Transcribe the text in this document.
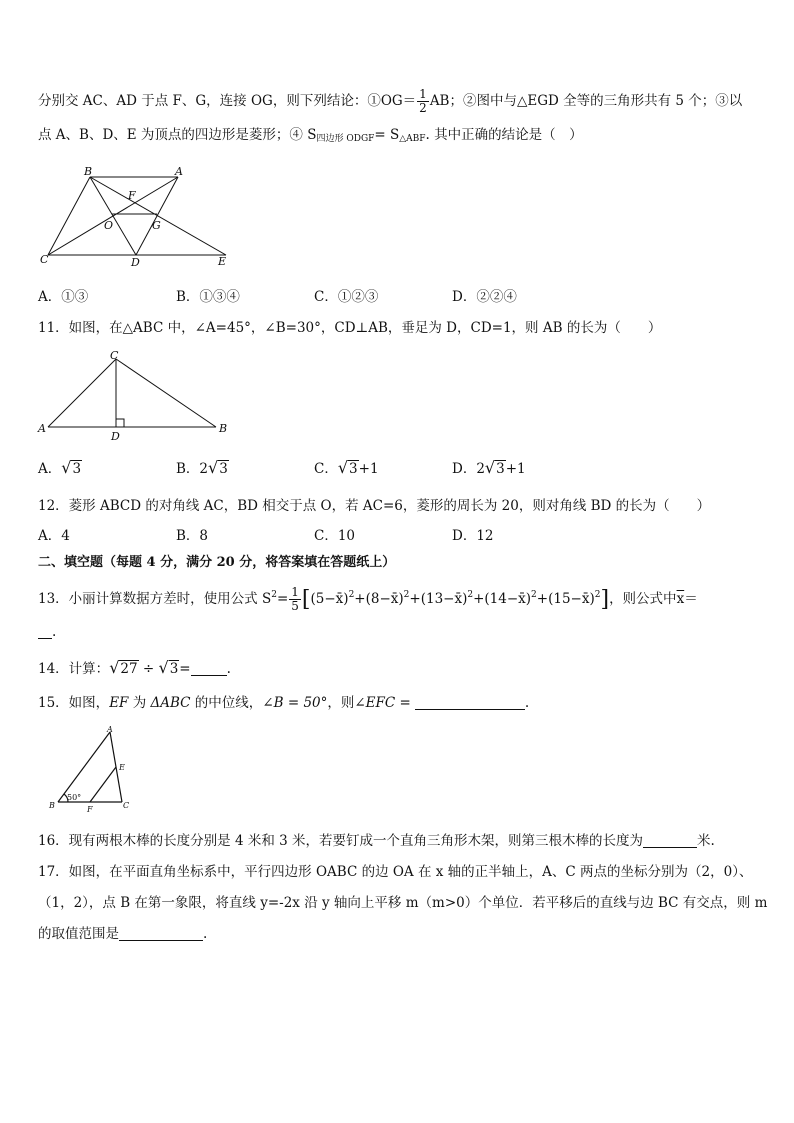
分别交 AC、AD 于点 F、G，连接 OG，则下列结论：①OG＝ $\frac{1}{2}$ AB；②图中与△EGD 全等的三角形共有 5 个；③以
点 A、B、D、E 为顶点的四边形是菱形；④ $S_{四边形 ODGF}= S_{\triangle ABF}$. 其中正确的结论是（　）
B	A
F
O	G
C	D	E
A．①③	B．①③④	C．①②③	D．②②④
11．如图，在△ABC 中，∠A=45°，∠B=30°，CD⊥AB，垂足为 D，CD=1，则 AB 的长为（　　）
C
A
D
B
A．√3	B．2√3	C．√3+1	D．2√3+1
12．菱形 ABCD 的对角线 AC，BD 相交于点 O，若 AC=6，菱形的周长为 20，则对角线 BD 的长为（　　）
A．4	B．8	C．10	D．12
二、填空题（每题 4 分，满分 20 分，将答案填在答题纸上）
13．小丽计算数据方差时，使用公式 $S^2= \frac{1}{5}$ [(5−x̄)$^2$+(8−x̄)$^2$+(13−x̄)$^2$+(14−x̄)$^2$+(15−x̄)$^2$]，则公式中$\overline{x}=$
.
14．计算：√27 ÷ √3=	.
15．如图，EF 为 ΔABC 的中位线，∠B = 50°，则∠EFC =	.
A
E
B	F	C
50°
16．现有两根木棒的长度分别是 4 米和 3 米，若要钉成一个直角三角形木架，则第三根木棒的长度为	米.
17．如图，在平面直角坐标系中，平行四边形 OABC 的边 OA 在 x 轴的正半轴上，A、C 两点的坐标分别为（2，0）、
（1，2），点 B 在第一象限，将直线 y=-2x 沿 y 轴向上平移 m（m>0）个单位．若平移后的直线与边 BC 有交点，则 m
的取值范围是	.
